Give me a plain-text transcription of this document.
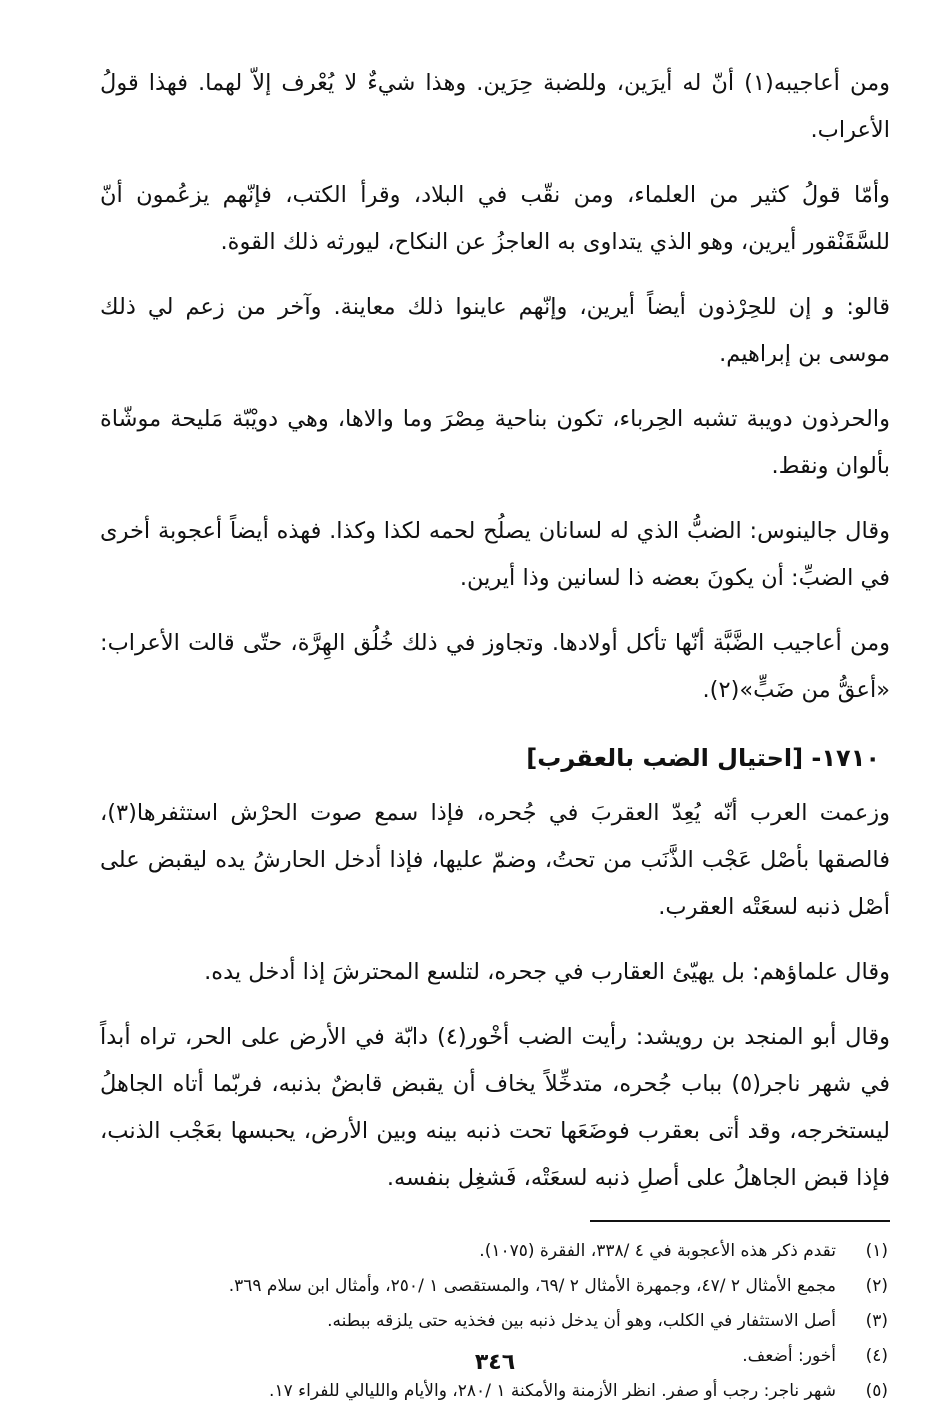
ومن أعاجيبه(١) أنّ له أيرَين، وللضبة حِرَين. وهذا شيءٌ لا يُعْرف إلاّ لهما. فهذا قولُ الأعراب.

وأمّا قولُ كثير من العلماء، ومن نقّب في البلاد، وقرأ الكتب، فإنّهم يزعُمون أنّ للسَّقَنْقور أيرين، وهو الذي يتداوى به العاجزُ عن النكاح، ليورثه ذلك القوة.

قالو: و إن للحِرْذون أيضاً أيرين، وإنّهم عاينوا ذلك معاينة. وآخر من زعم لي ذلك موسى بن إبراهيم.

والحرذون دويبة تشبه الحِرباء، تكون بناحية مِصْرَ وما والاها، وهي دويْبّة مَليحة موشّاة بألوان ونقط.

وقال جالينوس: الضبُّ الذي له لسانان يصلُح لحمه لكذا وكذا. فهذه أيضاً أعجوبة أخرى في الضبِّ: أن يكونَ بعضه ذا لسانين وذا أيرين.

ومن أعاجيب الضَّبَّة أنّها تأكل أولادها. وتجاوز في ذلك خُلُق الهِرَّة، حتّى قالت الأعراب: «أعقُّ من ضَبٍّ»(٢).

١٧١٠- [احتيال الضب بالعقرب]

وزعمت العرب أنّه يُعِدّ العقربَ في جُحره، فإذا سمع صوت الحرْش استثفرها(٣)، فالصقها بأصْل عَجْب الذَّنَب من تحتُ، وضمّ عليها، فإذا أدخل الحارشُ يده ليقبض على أصْل ذنبه لسعَتْه العقرب.

وقال علماؤهم: بل يهيّئ العقارب في جحره، لتلسع المحترشَ إذا أدخل يده.

وقال أبو المنجد بن رويشد: رأيت الضب أخْور(٤) دابّة في الأرض على الحر، تراه أبداً في شهر ناجر(٥) بباب جُحره، متدخِّلاً يخاف أن يقبض قابضٌ بذنبه، فربّما أتاه الجاهلُ ليستخرجه، وقد أتى بعقرب فوضَعَها تحت ذنبه بينه وبين الأرض، يحبسها بعَجْب الذنب، فإذا قبض الجاهلُ على أصلِ ذنبه لسعَتْه، فَشغِل بنفسه.

(١)
تقدم ذكر هذه الأعجوبة في ٤ /٣٣٨، الفقرة (١٠٧٥).
(٢)
مجمع الأمثال ٢ /٤٧، وجمهرة الأمثال ٢ /٦٩، والمستقصى ١ /٢٥٠، وأمثال ابن سلام ٣٦٩.
(٣)
أصل الاستثفار في الكلب، وهو أن يدخل ذنبه بين فخذيه حتى يلزقه ببطنه.
(٤)
أخور: أضعف.
(٥)
شهر ناجر: رجب أو صفر. انظر الأزمنة والأمكنة ١ /٢٨٠، والأيام والليالي للفراء ١٧.
٣٤٦
